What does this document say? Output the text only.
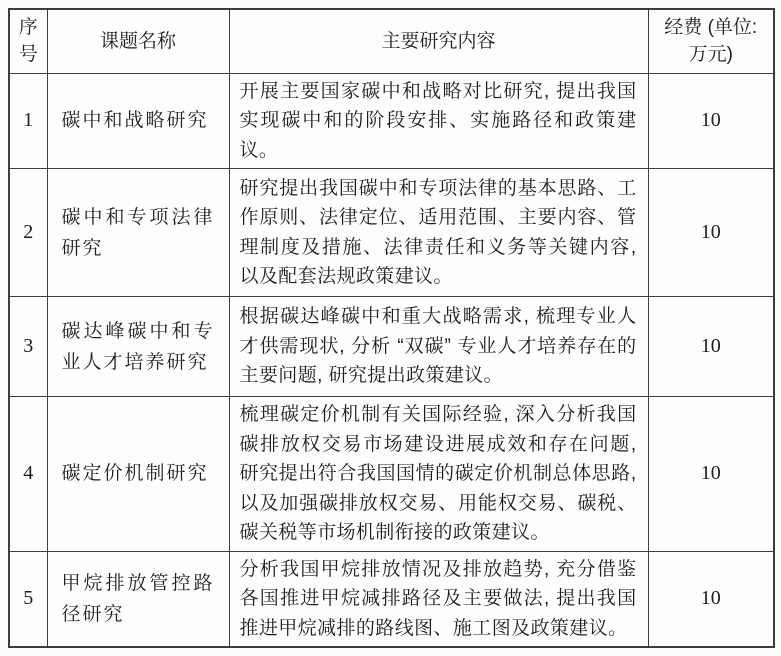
序号	课题名称	主要研究内容	经费 (单位: 万元)
1	碳中和战略研究	开展主要国家碳中和战略对比研究, 提出我国实现碳中和的阶段安排、实施路径和政策建议。	10
2	碳中和专项法律研究	研究提出我国碳中和专项法律的基本思路、工作原则、法律定位、适用范围、主要内容、管理制度及措施、法律责任和义务等关键内容, 以及配套法规政策建议。	10
3	碳达峰碳中和专业人才培养研究	根据碳达峰碳中和重大战略需求, 梳理专业人才供需现状, 分析 “双碳” 专业人才培养存在的主要问题, 研究提出政策建议。	10
4	碳定价机制研究	梳理碳定价机制有关国际经验, 深入分析我国碳排放权交易市场建设进展成效和存在问题, 研究提出符合我国国情的碳定价机制总体思路, 以及加强碳排放权交易、用能权交易、碳税、碳关税等市场机制衔接的政策建议。	10
5	甲烷排放管控路径研究	分析我国甲烷排放情况及排放趋势, 充分借鉴各国推进甲烷减排路径及主要做法, 提出我国推进甲烷减排的路线图、施工图及政策建议。	10
